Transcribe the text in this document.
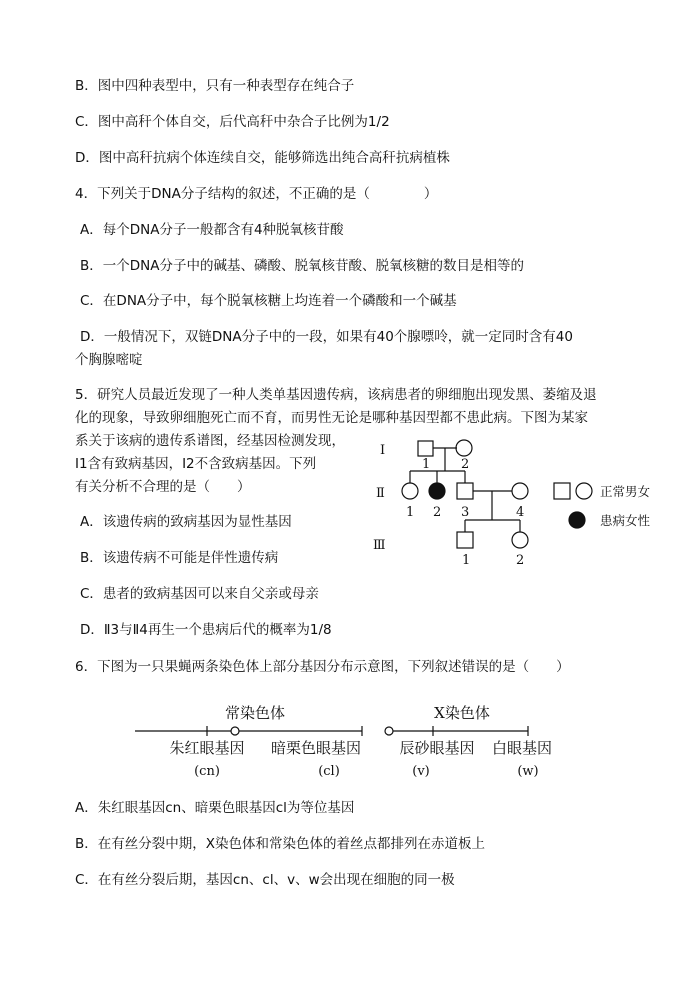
B．图中四种表型中，只有一种表型存在纯合子
C．图中高秆个体自交，后代高秆中杂合子比例为1/2
D．图中高秆抗病个体连续自交，能够筛选出纯合高秆抗病植株
4．下列关于DNA分子结构的叙述，不正确的是（　　　　）
A．每个DNA分子一般都含有4种脱氧核苷酸
B．一个DNA分子中的碱基、磷酸、脱氧核苷酸、脱氧核糖的数目是相等的
C．在DNA分子中，每个脱氧核糖上均连着一个磷酸和一个碱基
D．一般情况下，双链DNA分子中的一段，如果有40个腺嘌呤，就一定同时含有40
个胸腺嘧啶
5．研究人员最近发现了一种人类单基因遗传病，该病患者的卵细胞出现发黑、萎缩及退
化的现象，导致卵细胞死亡而不育，而男性无论是哪种基因型都不患此病。下图为某家
系关于该病的遗传系谱图，经基因检测发现，
Ⅰ1含有致病基因，Ⅰ2不含致病基因。下列
有关分析不合理的是（　　）
A．该遗传病的致病基因为显性基因
B．该遗传病不可能是伴性遗传病
C．患者的致病基因可以来自父亲或母亲
D．Ⅱ3与Ⅱ4再生一个患病后代的概率为1/8
Ⅰ
Ⅱ
Ⅲ
1 2
1 2 3	4
1	2
正常男女
患病女性
常染色体	X染色体
朱红眼基因 暗栗色眼基因	辰砂眼基因 白眼基因
(cn)	(cl)	(v)	(w)
6．下图为一只果蝇两条染色体上部分基因分布示意图，下列叙述错误的是（　　）
A．朱红眼基因cn、暗栗色眼基因cl为等位基因
B．在有丝分裂中期，X染色体和常染色体的着丝点都排列在赤道板上
C．在有丝分裂后期，基因cn、cl、v、w会出现在细胞的同一极
